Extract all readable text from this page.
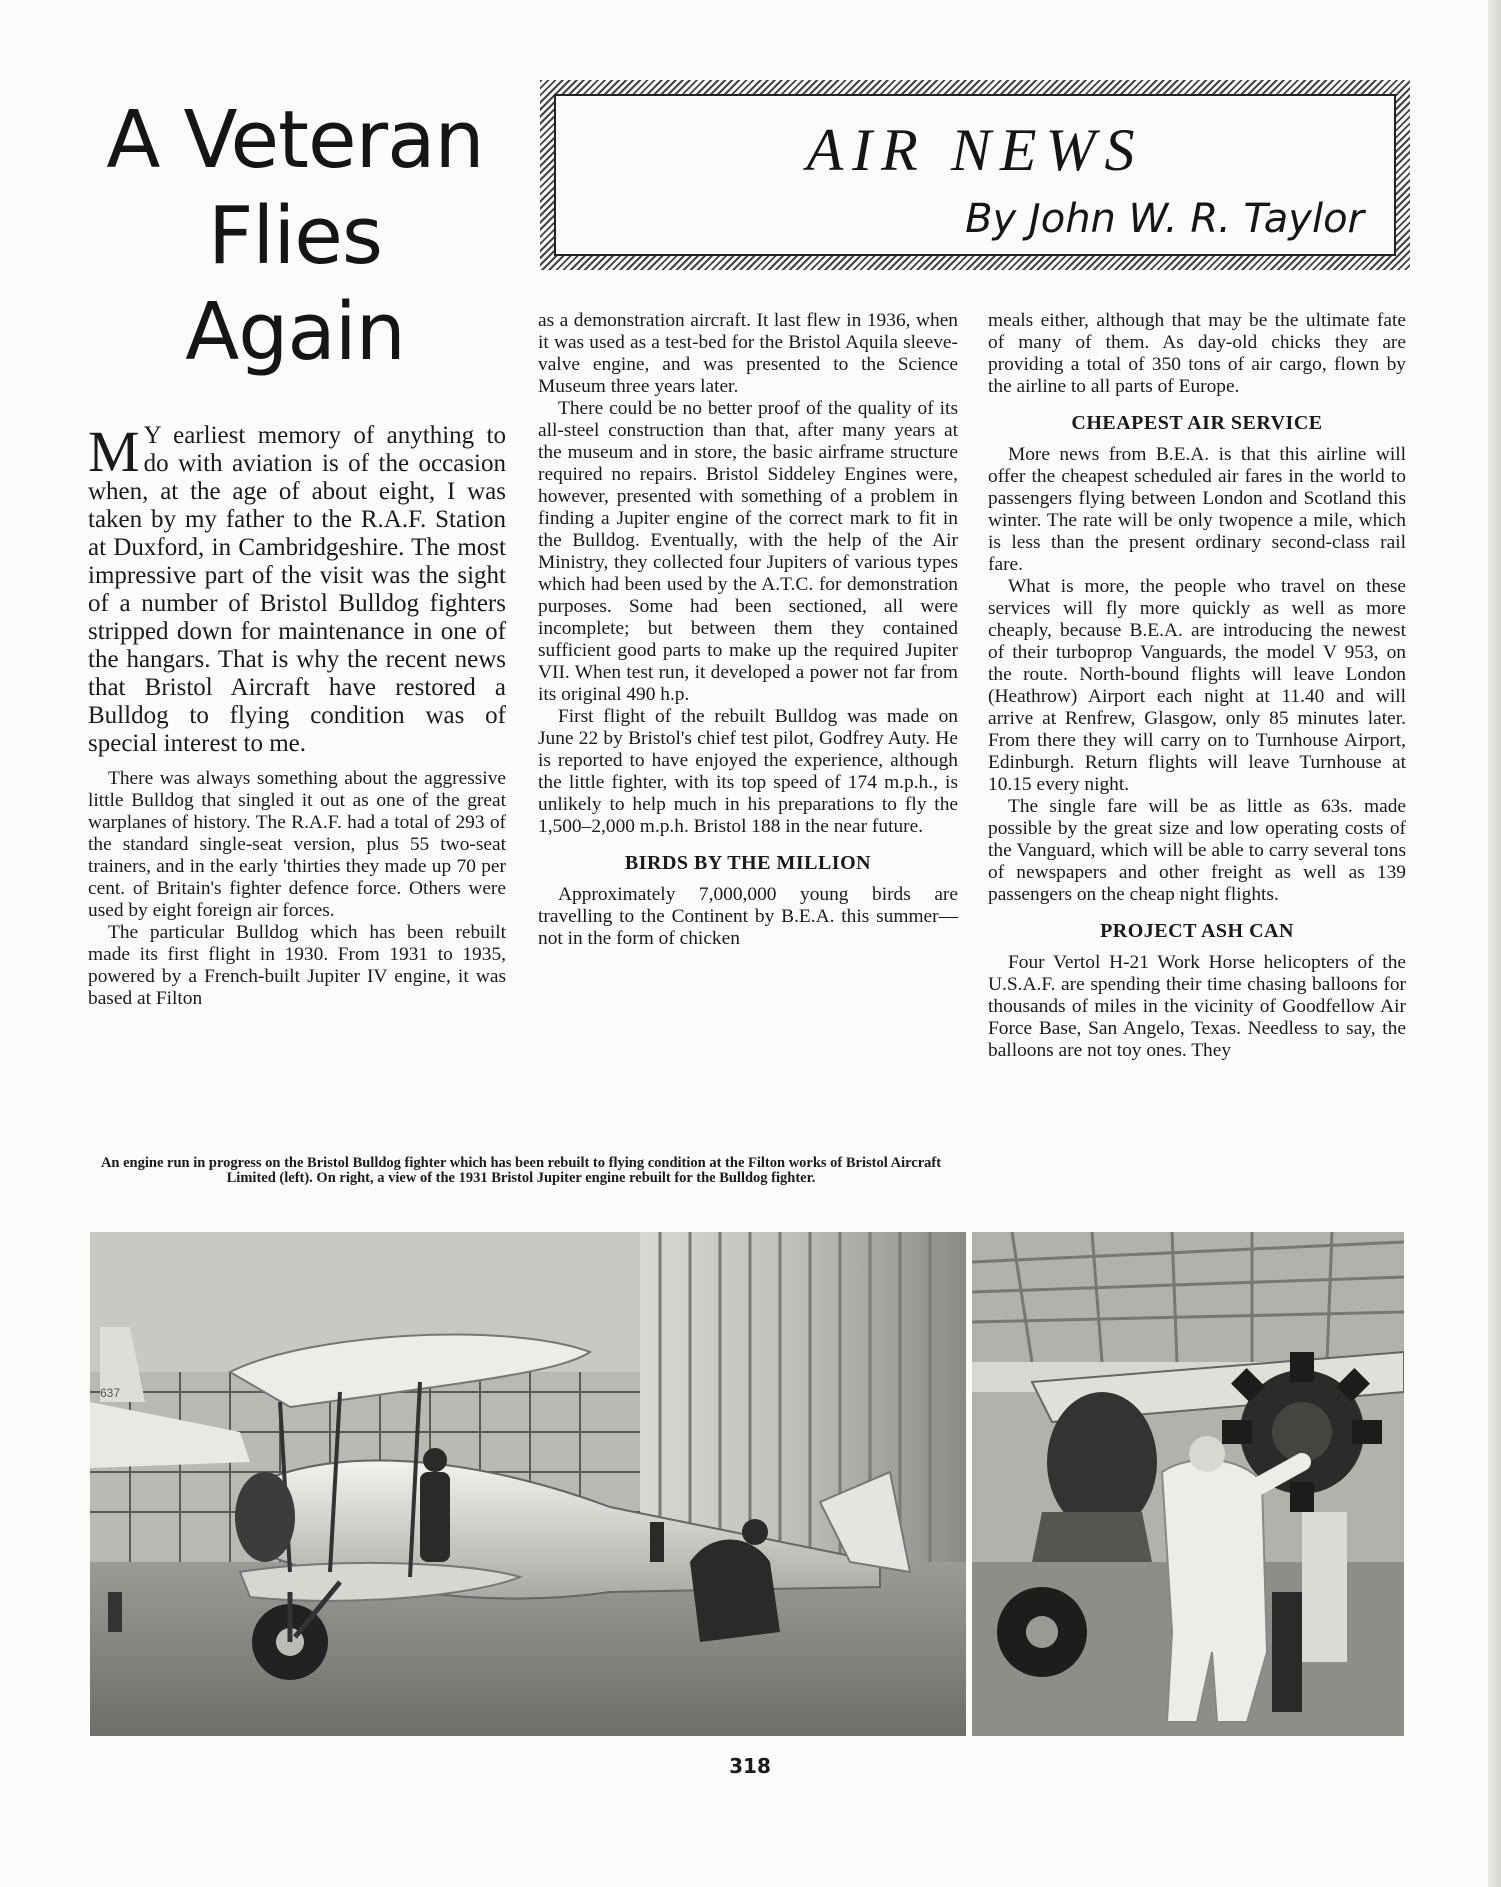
A Veteran
Flies
Again
AIR NEWS
By John W. R. Taylor
M Y earliest memory of anything to do with aviation is of the occasion when, at the age of about eight, I was taken by my father to the R.A.F. Station at Duxford, in Cambridgeshire. The most impressive part of the visit was the sight of a number of Bristol Bulldog fighters stripped down for maintenance in one of the hangars. That is why the recent news that Bristol Aircraft have restored a Bulldog to flying condition was of special interest to me.

There was always something about the aggressive little Bulldog that singled it out as one of the great warplanes of history. The R.A.F. had a total of 293 of the standard single-seat version, plus 55 two-seat trainers, and in the early 'thirties they made up 70 per cent. of Britain's fighter defence force. Others were used by eight foreign air forces.

The particular Bulldog which has been rebuilt made its first flight in 1930. From 1931 to 1935, powered by a French-built Jupiter IV engine, it was based at Filton

as a demonstration aircraft. It last flew in 1936, when it was used as a test-bed for the Bristol Aquila sleeve-valve engine, and was presented to the Science Museum three years later.

There could be no better proof of the quality of its all-steel construction than that, after many years at the museum and in store, the basic airframe structure required no repairs. Bristol Siddeley Engines were, however, presented with something of a problem in finding a Jupiter engine of the correct mark to fit in the Bulldog. Eventually, with the help of the Air Ministry, they collected four Jupiters of various types which had been used by the A.T.C. for demonstration purposes. Some had been sectioned, all were incomplete; but between them they contained sufficient good parts to make up the required Jupiter VII. When test run, it developed a power not far from its original 490 h.p.

First flight of the rebuilt Bulldog was made on June 22 by Bristol's chief test pilot, Godfrey Auty. He is reported to have enjoyed the experience, although the little fighter, with its top speed of 174 m.p.h., is unlikely to help much in his preparations to fly the 1,500–2,000 m.p.h. Bristol 188 in the near future.

BIRDS BY THE MILLION

Approximately 7,000,000 young birds are travelling to the Continent by B.E.A. this summer—not in the form of chicken

meals either, although that may be the ultimate fate of many of them. As day-old chicks they are providing a total of 350 tons of air cargo, flown by the airline to all parts of Europe.

CHEAPEST AIR SERVICE

More news from B.E.A. is that this airline will offer the cheapest scheduled air fares in the world to passengers flying between London and Scotland this winter. The rate will be only twopence a mile, which is less than the present ordinary second-class rail fare.

What is more, the people who travel on these services will fly more quickly as well as more cheaply, because B.E.A. are introducing the newest of their turboprop Vanguards, the model V 953, on the route. North-bound flights will leave London (Heathrow) Airport each night at 11.40 and will arrive at Renfrew, Glasgow, only 85 minutes later. From there they will carry on to Turnhouse Airport, Edinburgh. Return flights will leave Turnhouse at 10.15 every night.

The single fare will be as little as 63s. made possible by the great size and low operating costs of the Vanguard, which will be able to carry several tons of newspapers and other freight as well as 139 passengers on the cheap night flights.

PROJECT ASH CAN

Four Vertol H-21 Work Horse helicopters of the U.S.A.F. are spending their time chasing balloons for thousands of miles in the vicinity of Goodfellow Air Force Base, San Angelo, Texas. Needless to say, the balloons are not toy ones. They

An engine run in progress on the Bristol Bulldog fighter which has been rebuilt to flying condition at the Filton works of Bristol Aircraft Limited (left). On right, a view of the 1931 Bristol Jupiter engine rebuilt for the Bulldog fighter.
637
318
